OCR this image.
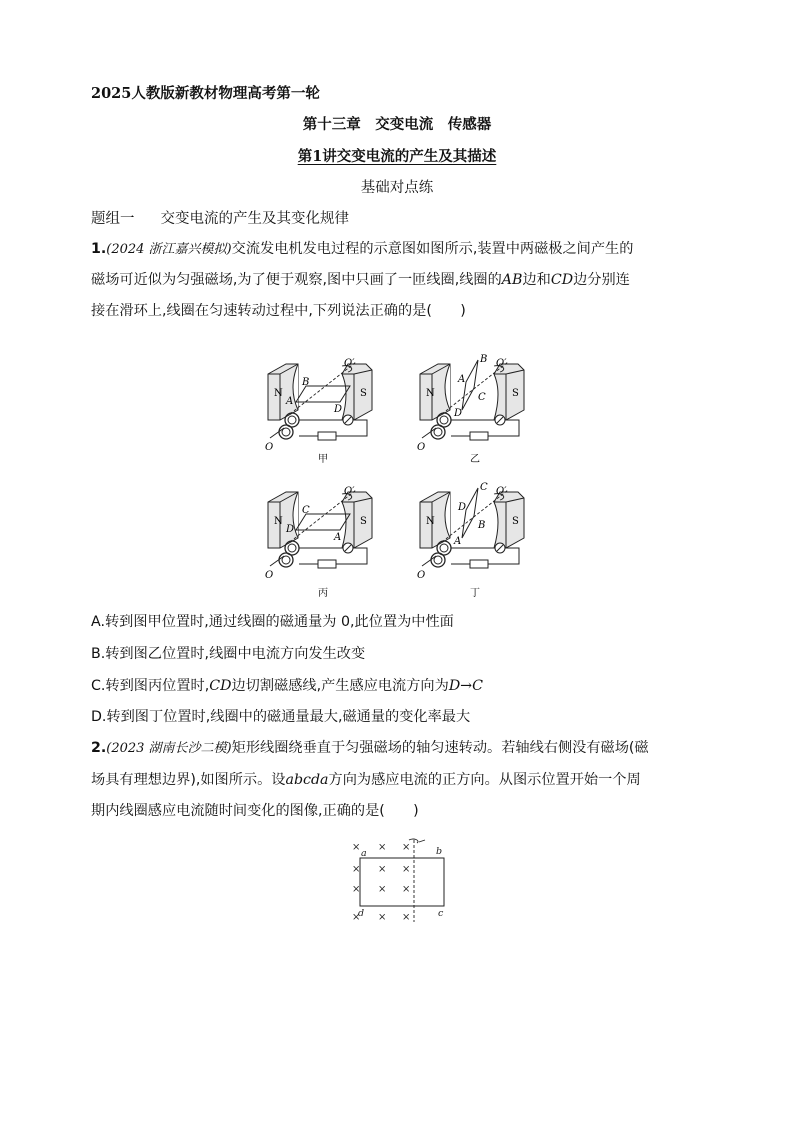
2025人教版新教材物理高考第一轮
第十三章　交变电流　传感器
第1讲交变电流的产生及其描述
基础对点练
题组一 交变电流的产生及其变化规律
1.(2024 浙江嘉兴模拟)交流发电机发电过程的示意图如图所示,装置中两磁极之间产生的
磁场可近似为匀强磁场,为了便于观察,图中只画了一匝线圈,线圈的AB边和CD边分别连
接在滑环上,线圈在匀速转动过程中,下列说法正确的是(　　)
N	S
A
B
D
O′
O
甲
N	S
A
B
C
D
O′
O
乙
N	S
D
C
A
O′
O
丙
N	S
D
C
B
A
O′
O
丁
A.转到图甲位置时,通过线圈的磁通量为 0,此位置为中性面
B.转到图乙位置时,线圈中电流方向发生改变
C.转到图丙位置时,CD边切割磁感线,产生感应电流方向为D→C
D.转到图丁位置时,线圈中的磁通量最大,磁通量的变化率最大
2.(2023 湖南长沙二模)矩形线圈绕垂直于匀强磁场的轴匀速转动。若轴线右侧没有磁场(磁
场具有理想边界),如图所示。设abcda方向为感应电流的正方向。从图示位置开始一个周
期内线圈感应电流随时间变化的图像,正确的是(　　)
× × ×
× × ×
× × ×
× × ×
a	b
c
d
